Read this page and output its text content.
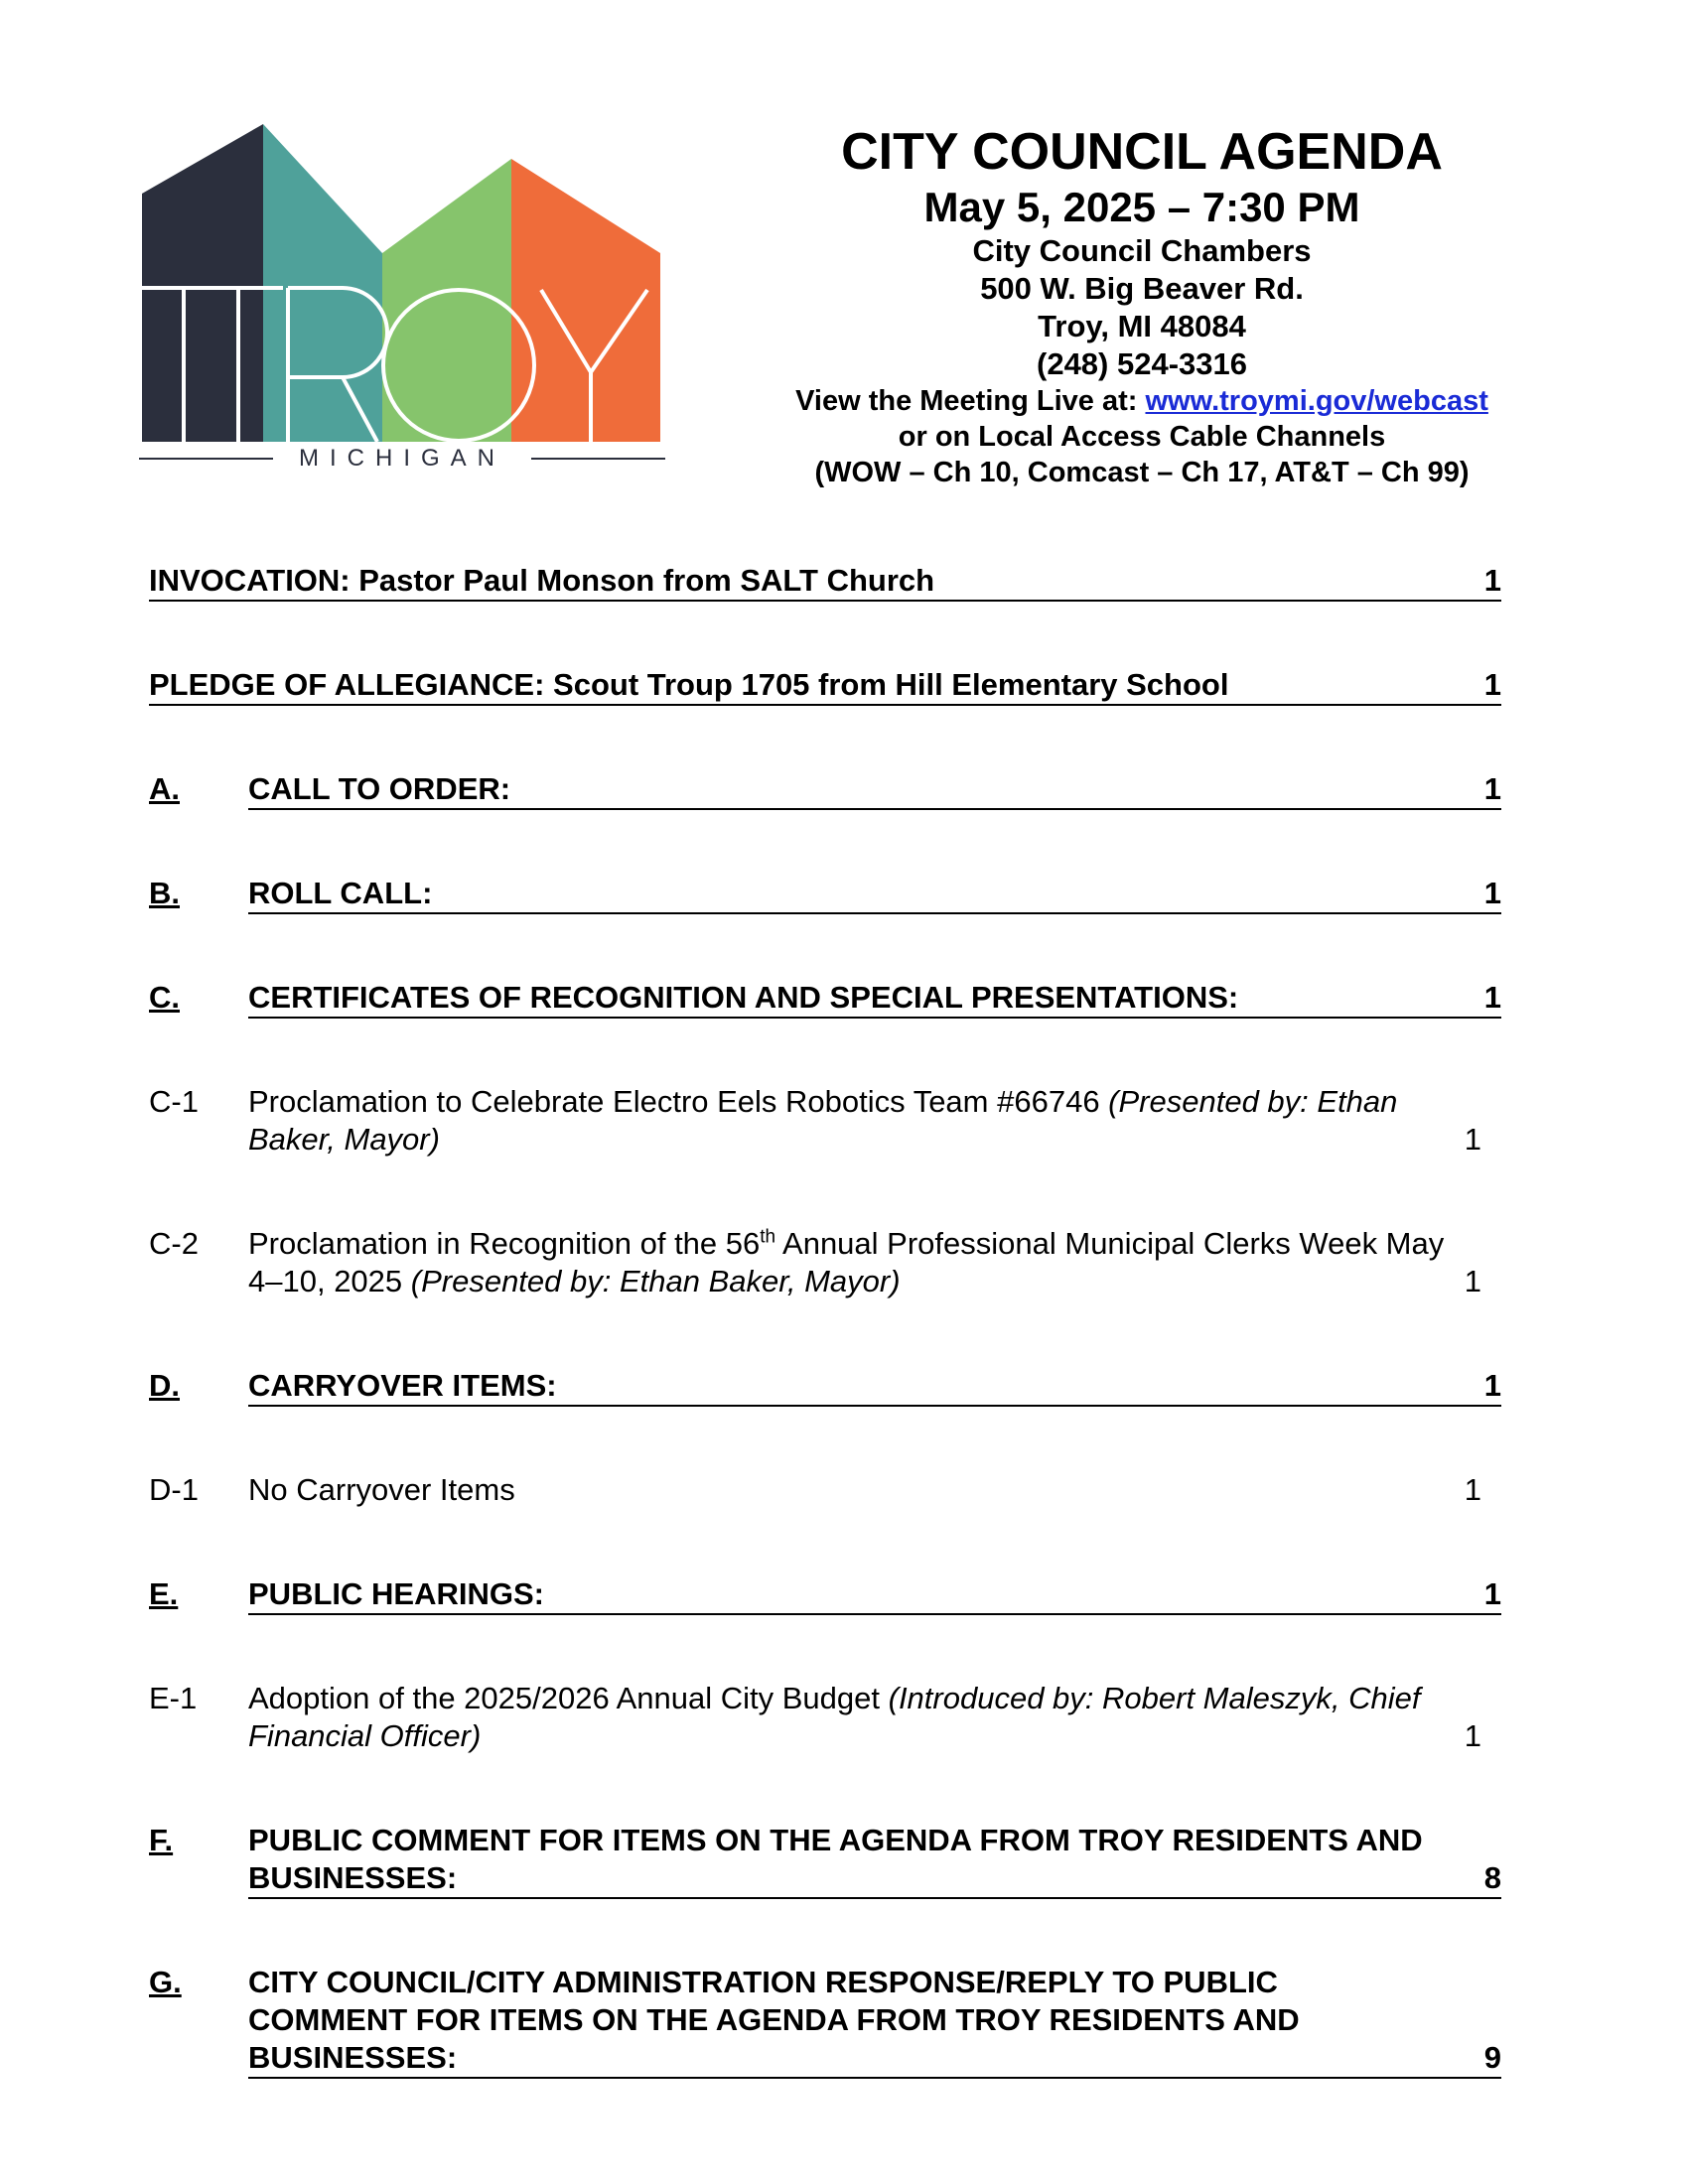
MICHIGAN
CITY COUNCIL AGENDA
May 5, 2025 – 7:30 PM
City Council Chambers
500 W. Big Beaver Rd.
Troy, MI 48084
(248) 524-3316
View the Meeting Live at: www.troymi.gov/webcast
or on Local Access Cable Channels
(WOW – Ch 10, Comcast – Ch 17, AT&T – Ch 99)
INVOCATION: Pastor Paul Monson from SALT Church	1
PLEDGE OF ALLEGIANCE: Scout Troup 1705 from Hill Elementary School	1
A. CALL TO ORDER:	1
B. ROLL CALL:	1
C. CERTIFICATES OF RECOGNITION AND SPECIAL PRESENTATIONS:	1
C-1 Proclamation to Celebrate Electro Eels Robotics Team #66746 (Presented by: Ethan Baker, Mayor)	1
C-2 Proclamation in Recognition of the 56th Annual Professional Municipal Clerks Week May 4–10, 2025 (Presented by: Ethan Baker, Mayor)	1
D. CARRYOVER ITEMS:	1
D-1 No Carryover Items	1
E. PUBLIC HEARINGS:	1
E-1 Adoption of the 2025/2026 Annual City Budget (Introduced by: Robert Maleszyk, Chief Financial Officer)	1
F. PUBLIC COMMENT FOR ITEMS ON THE AGENDA FROM TROY RESIDENTS AND BUSINESSES:	8
G. CITY COUNCIL/CITY ADMINISTRATION RESPONSE/REPLY TO PUBLIC COMMENT FOR ITEMS ON THE AGENDA FROM TROY RESIDENTS AND BUSINESSES:	9
